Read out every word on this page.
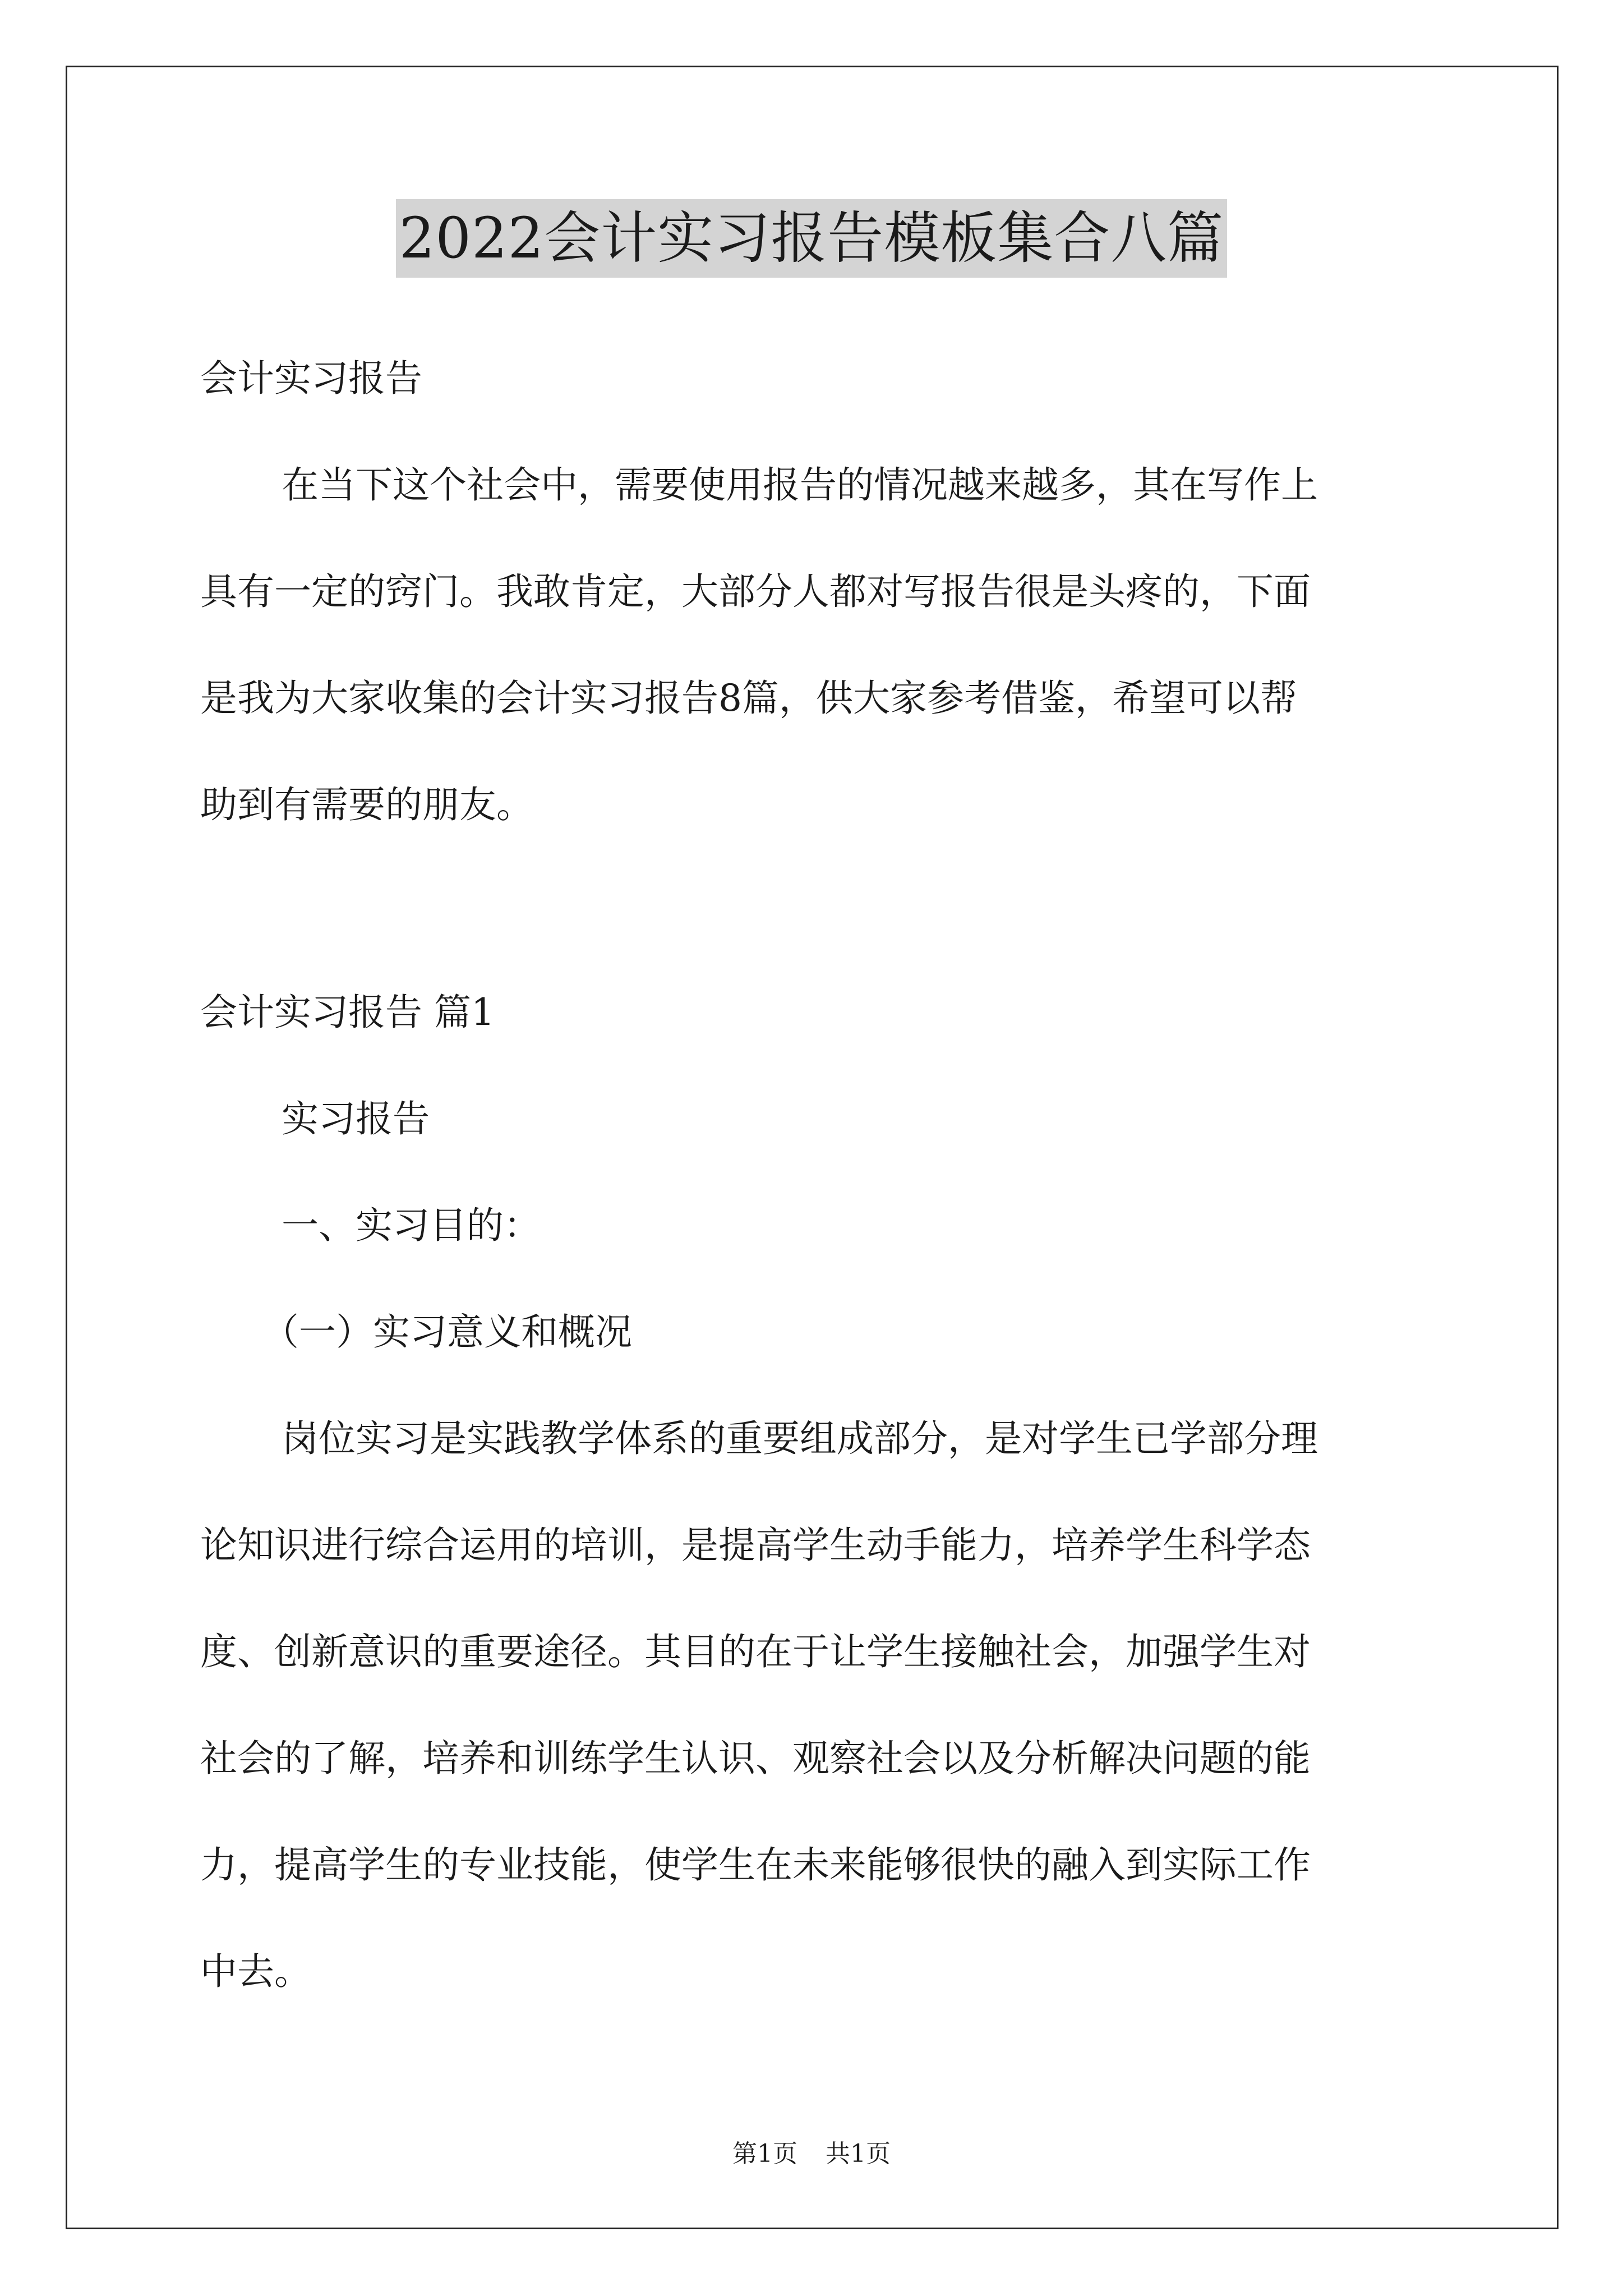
2022会计实习报告模板集合八篇
会计实习报告
在当下这个社会中，需要使用报告的情况越来越多，其在写作上
具有一定的窍门。我敢肯定，大部分人都对写报告很是头疼的，下面
是我为大家收集的会计实习报告8篇，供大家参考借鉴，希望可以帮
助到有需要的朋友。
会计实习报告 篇1
实习报告
一、实习目的：
（一）实习意义和概况
岗位实习是实践教学体系的重要组成部分，是对学生已学部分理
论知识进行综合运用的培训，是提高学生动手能力，培养学生科学态
度、创新意识的重要途径。其目的在于让学生接触社会，加强学生对
社会的了解，培养和训练学生认识、观察社会以及分析解决问题的能
力，提高学生的专业技能，使学生在未来能够很快的融入到实际工作
中去。
第1页 共1页
